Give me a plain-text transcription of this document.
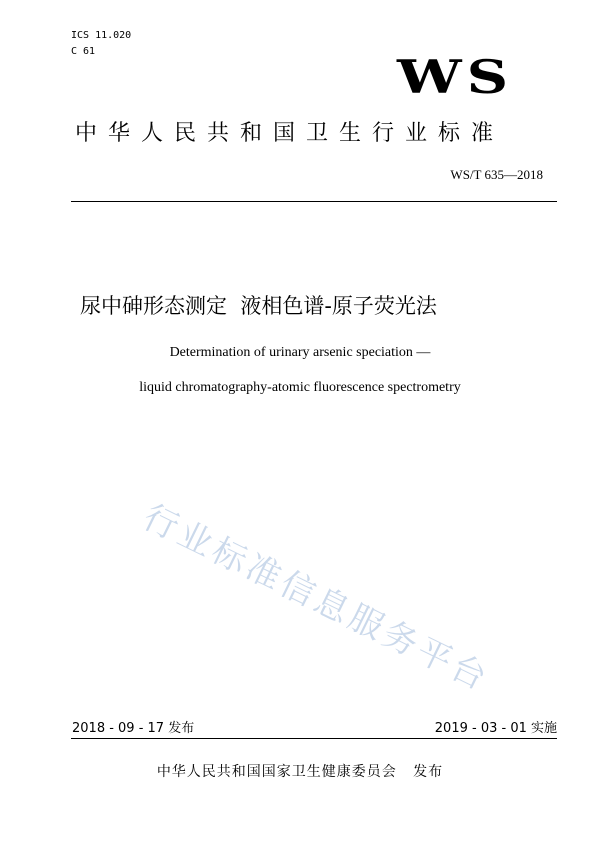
ICS 11.020
C 61	WS
中华人民共和国卫生行业标准
WS/T 635—2018
尿中砷形态测定  液相色谱-原子荧光法
Determination of urinary arsenic speciation —
liquid chromatography-atomic fluorescence spectrometry
行业标准信息服务平台
2018 - 09 - 17 发布	2019 - 03 - 01 实施
中华人民共和国国家卫生健康委员会   发布
